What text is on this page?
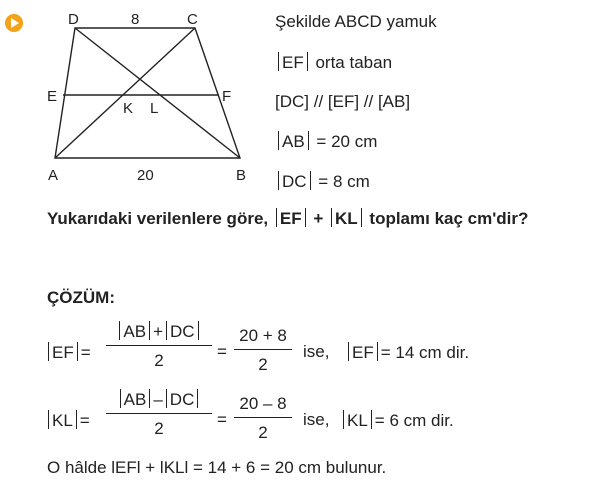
D	8	C
E	F
K L
A	20	B
Şekilde ABCD yamuk
EF orta taban
[DC] // [EF] // [AB]
AB = 20 cm
DC = 8 cm
Yukarıdaki verilenlere göre, EF + KL toplamı kaç cm'dir?
ÇÖZÜM:
EF =
AB + DC
2	=
20 + 8
2
ise,	EF = 14 cm dir.
KL =
AB – DC
2	=
20 – 8
2
ise,	KL = 6 cm dir.
O hâlde lEFl + lKLl = 14 + 6 = 20 cm bulunur.
